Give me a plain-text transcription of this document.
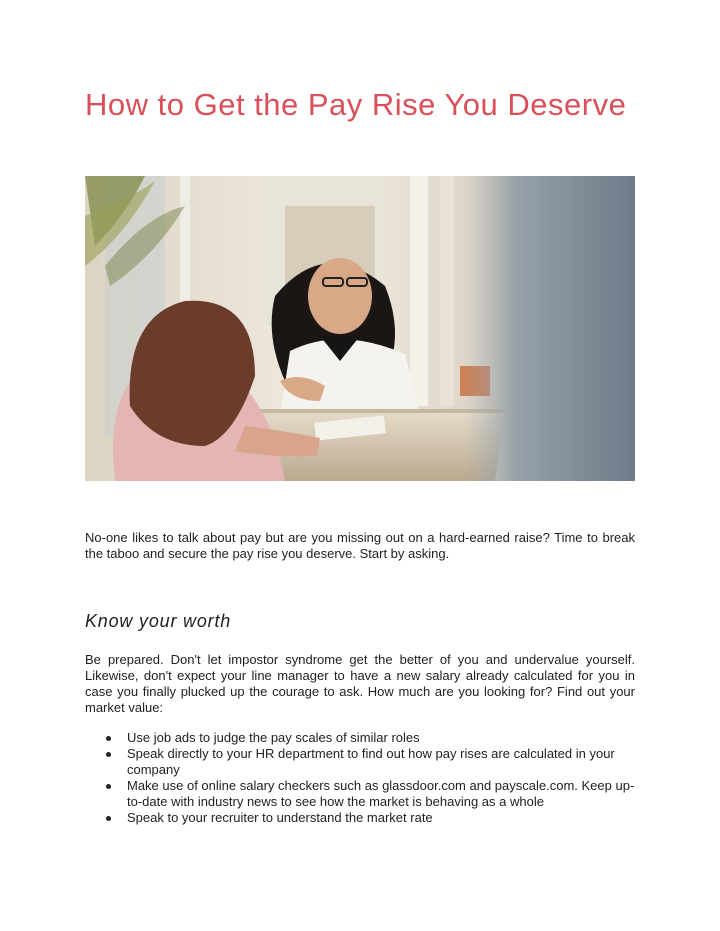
How to Get the Pay Rise You Deserve

No-one likes to talk about pay but are you missing out on a hard-earned raise? Time to break the taboo and secure the pay rise you deserve. Start by asking.

Know your worth

Be prepared. Don't let impostor syndrome get the better of you and undervalue yourself. Likewise, don't expect your line manager to have a new salary already calculated for you in case you finally plucked up the courage to ask. How much are you looking for? Find out your market value:

Use job ads to judge the pay scales of similar roles
Speak directly to your HR department to find out how pay rises are calculated in your company
Make use of online salary checkers such as glassdoor.com and payscale.com. Keep up-to-date with industry news to see how the market is behaving as a whole
Speak to your recruiter to understand the market rate
